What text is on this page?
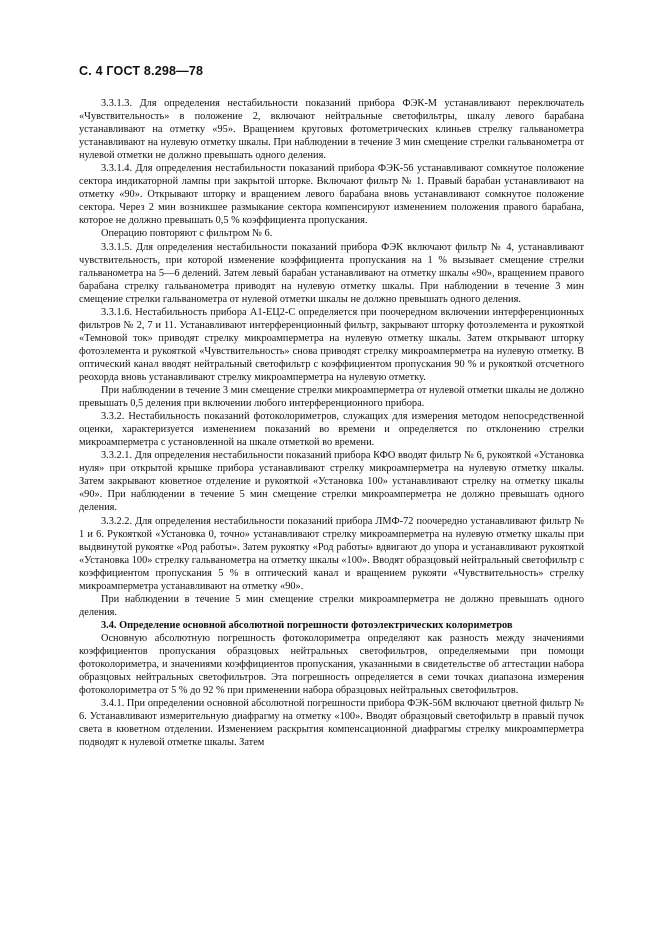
С. 4 ГОСТ 8.298—78

3.3.1.3. Для определения нестабильности показаний прибора ФЭК-М устанавливают переключатель «Чувствительность» в положение 2, включают нейтральные светофильтры, шкалу левого барабана устанавливают на отметку «95». Вращением круговых фотометрических клиньев стрелку гальванометра устанавливают на нулевую отметку шкалы. При наблюдении в течение 3 мин смещение стрелки гальванометра от нулевой отметки не должно превышать одного деления.

3.3.1.4. Для определения нестабильности показаний прибора ФЭК-56 устанавливают сомкнутое положение сектора индикаторной лампы при закрытой шторке. Включают фильтр № 1. Правый барабан устанавливают на отметку «90». Открывают шторку и вращением левого барабана вновь устанавливают сомкнутое положение сектора. Через 2 мин возникшее размыкание сектора компенсируют изменением положения правого барабана, которое не должно превышать 0,5 % коэффициента пропускания.

Операцию повторяют с фильтром № 6.

3.3.1.5. Для определения нестабильности показаний прибора ФЭК включают фильтр № 4, устанавливают чувствительность, при которой изменение коэффициента пропускания на 1 % вызывает смещение стрелки гальванометра на 5—6 делений. Затем левый барабан устанавливают на отметку шкалы «90», вращением правого барабана стрелку гальванометра приводят на нулевую отметку шкалы. При наблюдении в течение 3 мин смещение стрелки гальванометра от нулевой отметки шкалы не должно превышать одного деления.

3.3.1.6. Нестабильность прибора А1-ЕЦ2-С определяется при поочередном включении интерференционных фильтров № 2, 7 и 11. Устанавливают интерференционный фильтр, закрывают шторку фотоэлемента и рукояткой «Темновой ток» приводят стрелку микроамперметра на нулевую отметку шкалы. Затем открывают шторку фотоэлемента и рукояткой «Чувствительность» снова приводят стрелку микроамперметра на нулевую отметку. В оптический канал вводят нейтральный светофильтр с коэффициентом пропускания 90 % и рукояткой отсчетного реохорда вновь устанавливают стрелку микроамперметра на нулевую отметку.

При наблюдении в течение 3 мин смещение стрелки микроамперметра от нулевой отметки шкалы не должно превышать 0,5 деления при включении любого интерференционного прибора.

3.3.2. Нестабильность показаний фотоколориметров, служащих для измерения методом непосредственной оценки, характеризуется изменением показаний во времени и определяется по отклонению стрелки микроамперметра с установленной на шкале отметкой во времени.

3.3.2.1. Для определения нестабильности показаний прибора КФО вводят фильтр № 6, рукояткой «Установка нуля» при открытой крышке прибора устанавливают стрелку микроамперметра на нулевую отметку шкалы. Затем закрывают кюветное отделение и рукояткой «Установка 100» устанавливают стрелку на отметку шкалы «90». При наблюдении в течение 5 мин смещение стрелки микроамперметра не должно превышать одного деления.

3.3.2.2. Для определения нестабильности показаний прибора ЛМФ-72 поочередно устанавливают фильтр № 1 и 6. Рукояткой «Установка 0, точно» устанавливают стрелку микроамперметра на нулевую отметку шкалы при выдвинутой рукоятке «Род работы». Затем рукоятку «Род работы» вдвигают до упора и устанавливают рукояткой «Установка 100» стрелку гальванометра на отметку шкалы «100». Вводят образцовый нейтральный светофильтр с коэффициентом пропускания 5 % в оптический канал и вращением рукояти «Чувствительность» стрелку микроамперметра устанавливают на отметку «90».

При наблюдении в течение 5 мин смещение стрелки микроамперметра не должно превышать одного деления.

3.4. Определение основной абсолютной погрешности фотоэлектрических колориметров

Основную абсолютную погрешность фотоколориметра определяют как разность между значениями коэффициентов пропускания образцовых нейтральных светофильтров, определяемыми при помощи фотоколориметра, и значениями коэффициентов пропускания, указанными в свидетельстве об аттестации набора образцовых нейтральных светофильтров. Эта погрешность определяется в семи точках диапазона измерения фотоколориметра от 5 % до 92 % при применении набора образцовых нейтральных светофильтров.

3.4.1. При определении основной абсолютной погрешности прибора ФЭК-56М включают цветной фильтр № 6. Устанавливают измерительную диафрагму на отметку «100». Вводят образцовый светофильтр в правый пучок света в кюветном отделении. Изменением раскрытия компенсационной диафрагмы стрелку микроамперметра подводят к нулевой отметке шкалы. Затем
